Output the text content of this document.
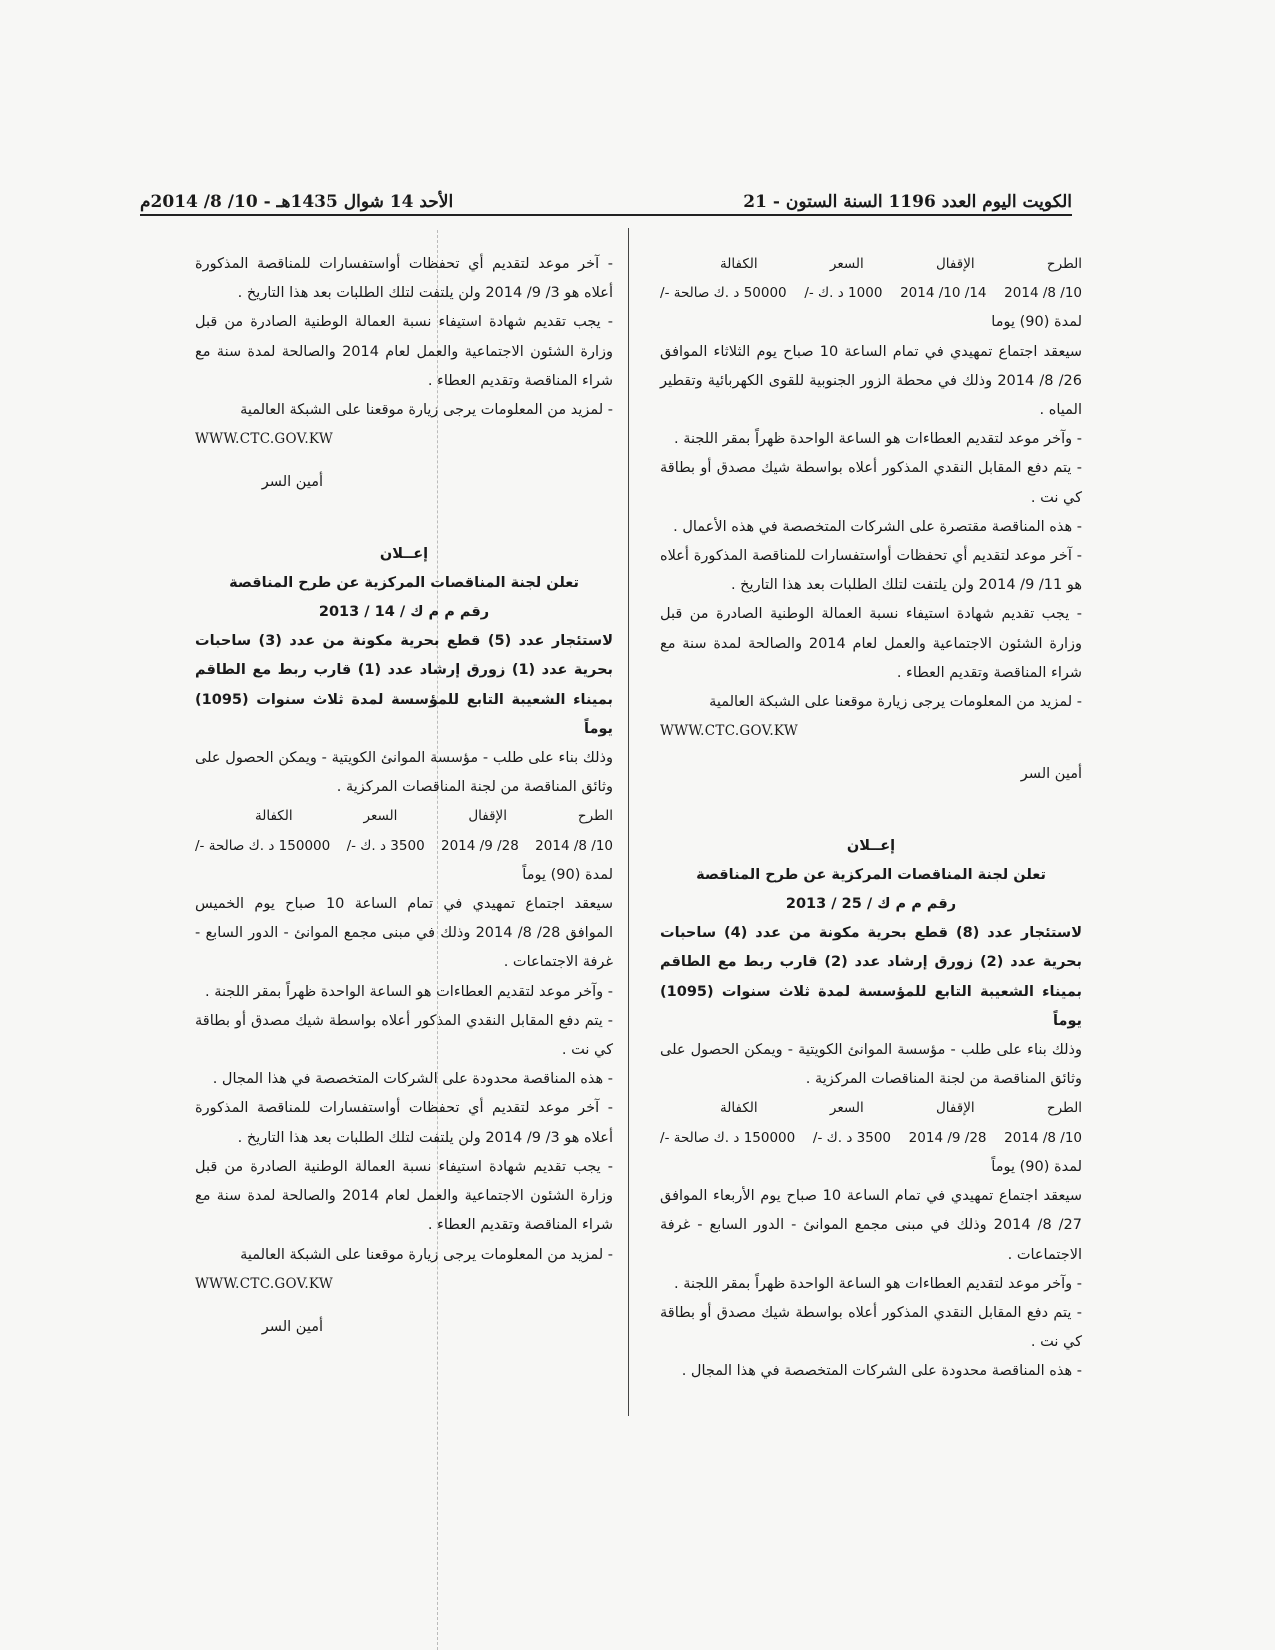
الكويت اليوم العدد 1196 السنة الستون - 21
الأحد 14 شوال 1435هـ - 10/ 8/ 2014م
الطرح
الإقفال
السعر
الكفالة
10/ 8/ 2014
14/ 10/ 2014
1000 د .ك -/
50000 د .ك صالحة -/

لمدة (90) يوما

سيعقد اجتماع تمهيدي في تمام الساعة 10 صباح يوم الثلاثاء الموافق 26/ 8/ 2014 وذلك في محطة الزور الجنوبية للقوى الكهربائية وتقطير المياه .

- وآخر موعد لتقديم العطاءات هو الساعة الواحدة ظهراً بمقر اللجنة .

- يتم دفع المقابل النقدي المذكور أعلاه بواسطة شيك مصدق أو بطاقة كي نت .

- هذه المناقصة مقتصرة على الشركات المتخصصة في هذه الأعمال .

- آخر موعد لتقديم أي تحفظات أواستفسارات للمناقصة المذكورة أعلاه هو 11/ 9/ 2014 ولن يلتفت لتلك الطلبات بعد هذا التاريخ .

- يجب تقديم شهادة استيفاء نسبة العمالة الوطنية الصادرة من قبل وزارة الشئون الاجتماعية والعمل لعام 2014 والصالحة لمدة سنة مع شراء المناقصة وتقديم العطاء .

- لمزيد من المعلومات يرجى زيارة موقعنا على الشبكة العالمية

WWW.CTC.GOV.KW

أمين السر

إعــلان

تعلن لجنة المناقصات المركزية عن طرح المناقصة

رقم م م ك / 25 / 2013

لاستئجار عدد (8) قطع بحرية مكونة من عدد (4) ساحبات بحرية عدد (2) زورق إرشاد عدد (2) قارب ربط مع الطاقم بميناء الشعيبة التابع للمؤسسة لمدة ثلاث سنوات (1095) يوماً

وذلك بناء على طلب - مؤسسة الموانئ الكويتية - ويمكن الحصول على وثائق المناقصة من لجنة المناقصات المركزية .

الطرح
الإقفال
السعر
الكفالة
10/ 8/ 2014
28/ 9/ 2014
3500 د .ك -/
150000 د .ك صالحة -/

لمدة (90) يوماً

سيعقد اجتماع تمهيدي في تمام الساعة 10 صباح يوم الأربعاء الموافق 27/ 8/ 2014 وذلك في مبنى مجمع الموانئ - الدور السابع - غرفة الاجتماعات .

- وآخر موعد لتقديم العطاءات هو الساعة الواحدة ظهراً بمقر اللجنة .

- يتم دفع المقابل النقدي المذكور أعلاه بواسطة شيك مصدق أو بطاقة كي نت .

- هذه المناقصة محدودة على الشركات المتخصصة في هذا المجال .

- آخر موعد لتقديم أي تحفظات أواستفسارات للمناقصة المذكورة أعلاه هو 3/ 9/ 2014 ولن يلتفت لتلك الطلبات بعد هذا التاريخ .

- يجب تقديم شهادة استيفاء نسبة العمالة الوطنية الصادرة من قبل وزارة الشئون الاجتماعية والعمل لعام 2014 والصالحة لمدة سنة مع شراء المناقصة وتقديم العطاء .

- لمزيد من المعلومات يرجى زيارة موقعنا على الشبكة العالمية

WWW.CTC.GOV.KW

أمين السر

إعــلان

تعلن لجنة المناقصات المركزية عن طرح المناقصة

رقم م م ك / 14 / 2013

لاستئجار عدد (5) قطع بحرية مكونة من عدد (3) ساحبات بحرية عدد (1) زورق إرشاد عدد (1) قارب ربط مع الطاقم بميناء الشعيبة التابع للمؤسسة لمدة ثلاث سنوات (1095) يوماً

وذلك بناء على طلب - مؤسسة الموانئ الكويتية - ويمكن الحصول على وثائق المناقصة من لجنة المناقصات المركزية .

الطرح
الإقفال
السعر
الكفالة
10/ 8/ 2014
28/ 9/ 2014
3500 د .ك -/
150000 د .ك صالحة -/

لمدة (90) يوماً

سيعقد اجتماع تمهيدي في تمام الساعة 10 صباح يوم الخميس الموافق 28/ 8/ 2014 وذلك في مبنى مجمع الموانئ - الدور السابع - غرفة الاجتماعات .

- وآخر موعد لتقديم العطاءات هو الساعة الواحدة ظهراً بمقر اللجنة .

- يتم دفع المقابل النقدي المذكور أعلاه بواسطة شيك مصدق أو بطاقة كي نت .

- هذه المناقصة محدودة على الشركات المتخصصة في هذا المجال .

- آخر موعد لتقديم أي تحفظات أواستفسارات للمناقصة المذكورة أعلاه هو 3/ 9/ 2014 ولن يلتفت لتلك الطلبات بعد هذا التاريخ .

- يجب تقديم شهادة استيفاء نسبة العمالة الوطنية الصادرة من قبل وزارة الشئون الاجتماعية والعمل لعام 2014 والصالحة لمدة سنة مع شراء المناقصة وتقديم العطاء .

- لمزيد من المعلومات يرجى زيارة موقعنا على الشبكة العالمية

WWW.CTC.GOV.KW

أمين السر
